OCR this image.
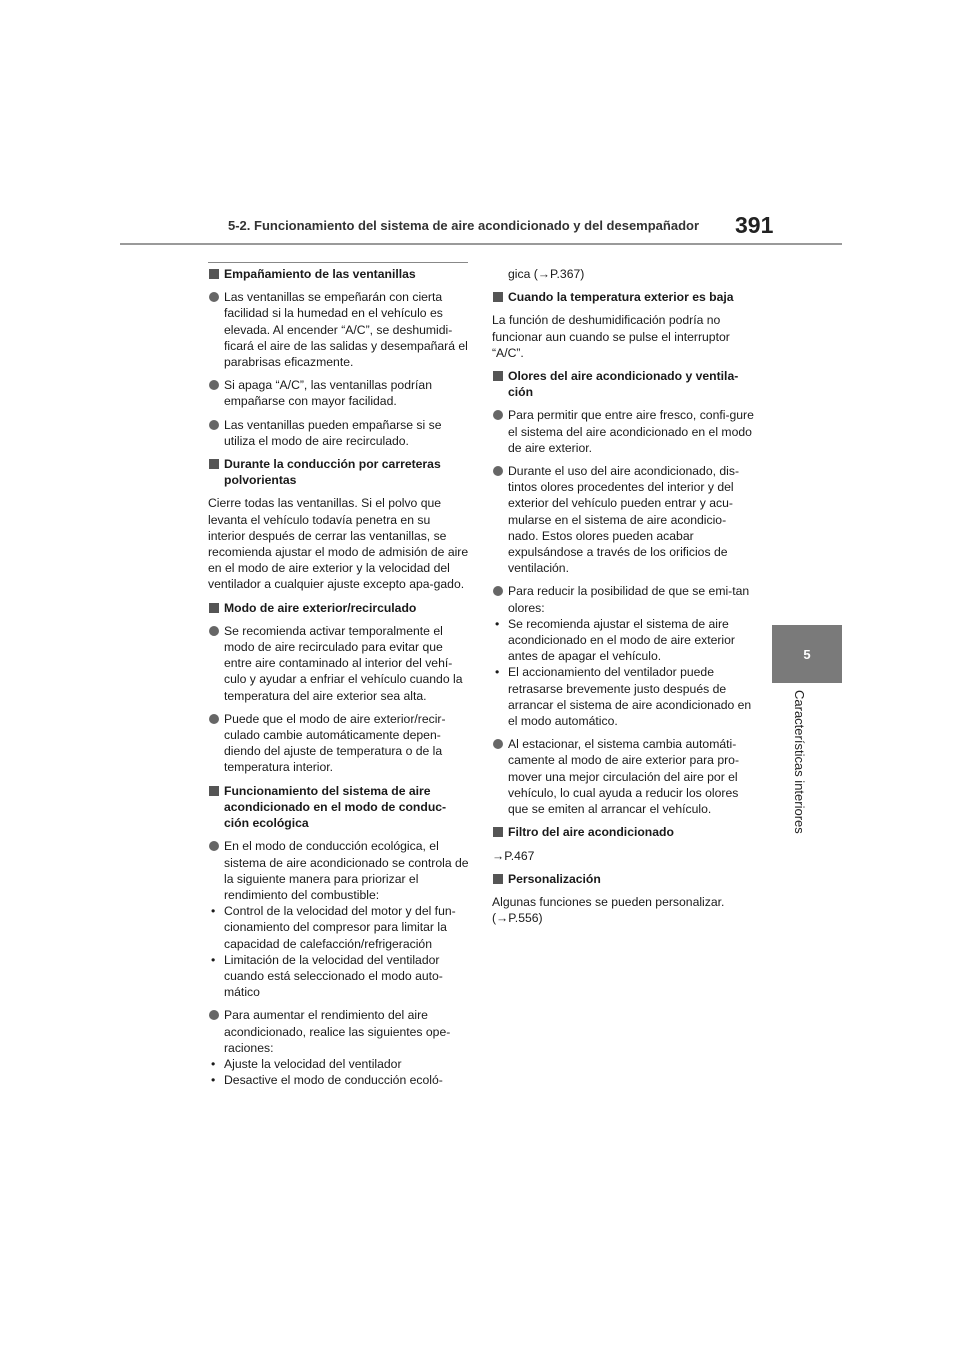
5-2. Funcionamiento del sistema de aire acondicionado y del desempañador	391
5
Características interiores
Empañamiento de las ventanillas
Las ventanillas se empeñarán con cierta facilidad si la humedad en el vehículo es elevada. Al encender “A/C”, se deshumidi-ficará el aire de las salidas y desempañará el parabrisas eficazmente.
Si apaga “A/C”, las ventanillas podrían empañarse con mayor facilidad.
Las ventanillas pueden empañarse si se utiliza el modo de aire recirculado.
Durante la conducción por carreteras polvorientas
Cierre todas las ventanillas. Si el polvo que levanta el vehículo todavía penetra en su interior después de cerrar las ventanillas, se recomienda ajustar el modo de admisión de aire en el modo de aire exterior y la velocidad del ventilador a cualquier ajuste excepto apa-gado.
Modo de aire exterior/recirculado
Se recomienda activar temporalmente el modo de aire recirculado para evitar que entre aire contaminado al interior del vehí-culo y ayudar a enfriar el vehículo cuando la temperatura del aire exterior sea alta.
Puede que el modo de aire exterior/recir-culado cambie automáticamente depen-diendo del ajuste de temperatura o de la temperatura interior.
Funcionamiento del sistema de aire acondicionado en el modo de conduc-ción ecológica
En el modo de conducción ecológica, el sistema de aire acondicionado se controla de la siguiente manera para priorizar el rendimiento del combustible:
• Control de la velocidad del motor y del fun-cionamiento del compresor para limitar la capacidad de calefacción/refrigeración
• Limitación de la velocidad del ventilador cuando está seleccionado el modo auto-mático
Para aumentar el rendimiento del aire acondicionado, realice las siguientes ope-raciones:
• Ajuste la velocidad del ventilador
• Desactive el modo de conducción ecoló-
gica (→P.367)
Cuando la temperatura exterior es baja
La función de deshumidificación podría no funcionar aun cuando se pulse el interruptor “A/C”.
Olores del aire acondicionado y ventila-ción
Para permitir que entre aire fresco, confi-gure el sistema del aire acondicionado en el modo de aire exterior.
Durante el uso del aire acondicionado, dis-tintos olores procedentes del interior y del exterior del vehículo pueden entrar y acu-mularse en el sistema de aire acondicio-nado. Estos olores pueden acabar expulsándose a través de los orificios de ventilación.
Para reducir la posibilidad de que se emi-tan olores:
• Se recomienda ajustar el sistema de aire acondicionado en el modo de aire exterior antes de apagar el vehículo.
• El accionamiento del ventilador puede retrasarse brevemente justo después de arrancar el sistema de aire acondicionado en el modo automático.
Al estacionar, el sistema cambia automáti-camente al modo de aire exterior para pro-mover una mejor circulación del aire por el vehículo, lo cual ayuda a reducir los olores que se emiten al arrancar el vehículo.
Filtro del aire acondicionado
→P.467
Personalización
Algunas funciones se pueden personalizar. (→P.556)
